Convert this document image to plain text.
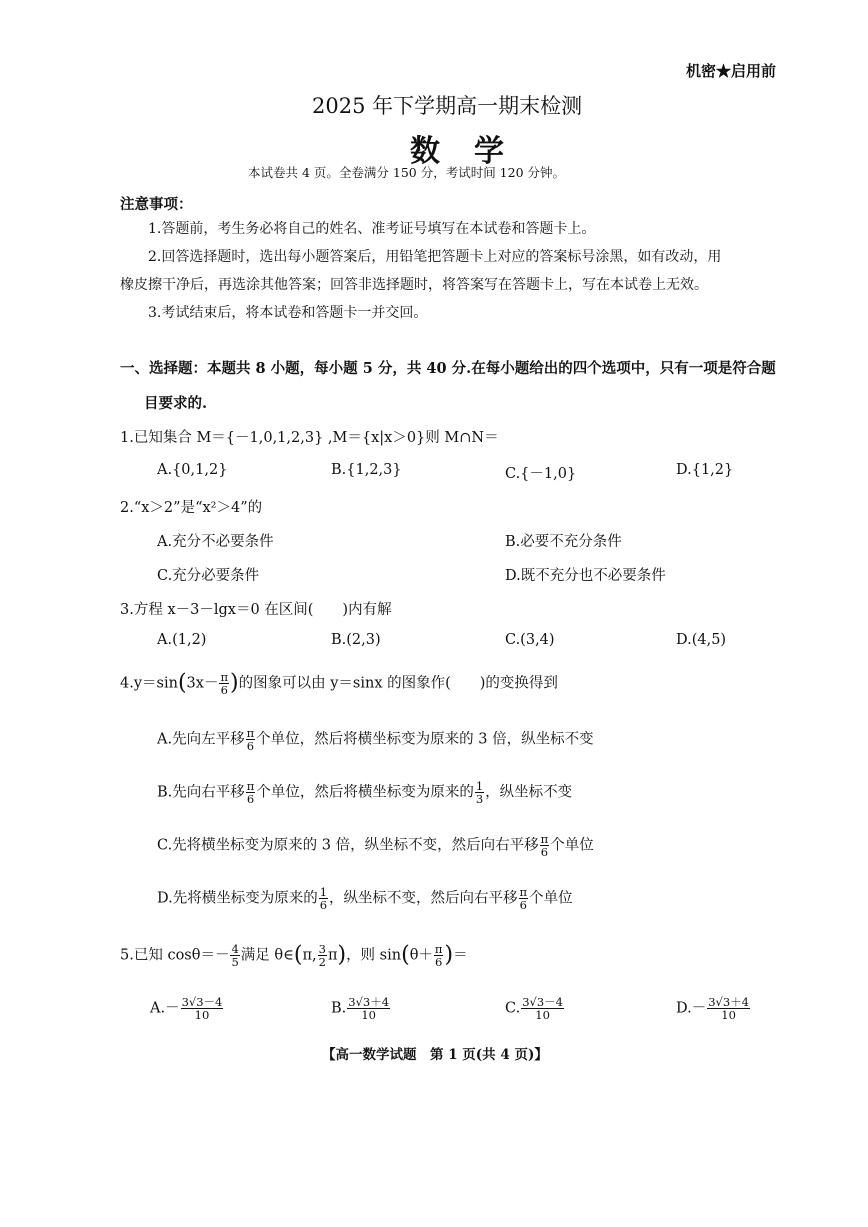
机密★启用前
2025 年下学期高一期末检测
数学
本试卷共 4 页。全卷满分 150 分，考试时间 120 分钟。
注意事项：
1.答题前，考生务必将自己的姓名、准考证号填写在本试卷和答题卡上。
2.回答选择题时，选出每小题答案后，用铅笔把答题卡上对应的答案标号涂黑，如有改动，用
橡皮擦干净后，再选涂其他答案；回答非选择题时，将答案写在答题卡上，写在本试卷上无效。
3.考试结束后，将本试卷和答题卡一并交回。
一、选择题：本题共 8 小题，每小题 5 分，共 40 分.在每小题给出的四个选项中，只有一项是符合题
目要求的.
1.已知集合 M＝{－1,0,1,2,3} ,M＝{x|x＞0}则 M∩N＝
A.{0,1,2}	B.{1,2,3}	C.{－1,0}	D.{1,2}
2.“x＞2”是“x²＞4”的
A.充分不必要条件	B.必要不充分条件
C.充分必要条件	D.既不充分也不必要条件
3.方程 x－3－lgx＝0 在区间(　　)内有解
A.(1,2)	B.(2,3)	C.(3,4)	D.(4,5)
$4.y=\sin(3x- \frac{\pi}{6}$ )的图象可以由 y＝sinx 的图象作(　　)的变换得到
A.先向左平移 $\frac{\pi}{6}$ 个单位，然后将横坐标变为原来的 3 倍，纵坐标不变
B.先向右平移 $\frac{\pi}{6}$ 个单位，然后将横坐标变为原来的 $\frac{1}{3}$ ，纵坐标不变
C.先将横坐标变为原来的 3 倍，纵坐标不变，然后向右平移 $\frac{\pi}{6}$ 个单位
D.先将横坐标变为原来的 $\frac{1}{6}$ ，纵坐标不变，然后向右平移 $\frac{\pi}{6}$ 个单位
5.已知 $\cos\theta=- \frac{4}{5}$ 满足 θ∈(π, $\frac{3}{2} \pi$)，则 $\sin(\theta+ \frac{\pi}{6}$ )＝
$A.- \frac{3√3-4}{10}$	B. $\frac{3√3+4}{10}$	C. $\frac{3√3-4}{10}$	$D.- \frac{3√3+4}{10}$
【高一数学试题　第 1 页(共 4 页)】
